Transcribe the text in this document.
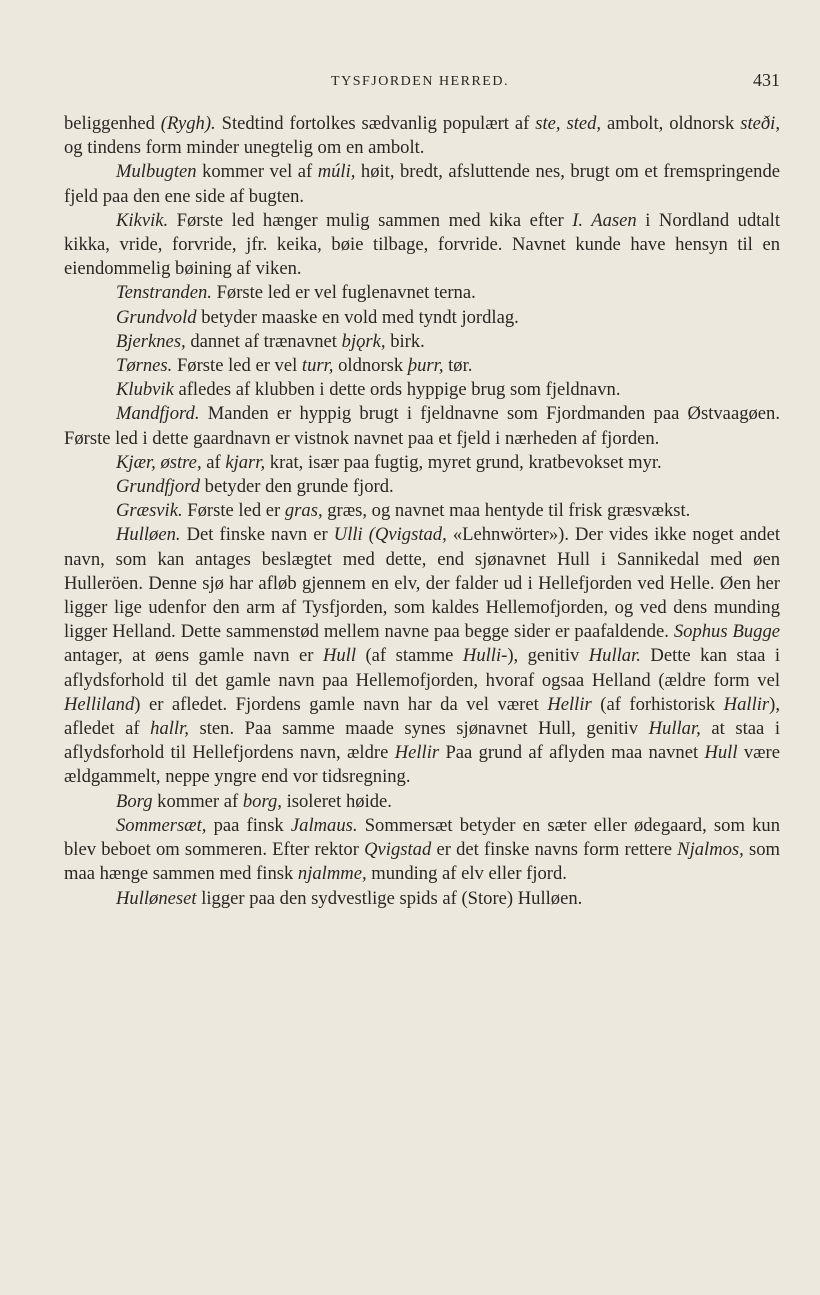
TYSFJORDEN HERRED.	431

beliggenhed (Rygh). Stedtind fortolkes sædvanlig populært af ste, sted, ambolt, oldnorsk steði, og tindens form minder unegtelig om en ambolt.

Mulbugten kommer vel af múli, høit, bredt, afsluttende nes, brugt om et fremspringende fjeld paa den ene side af bugten.

Kikvik. Første led hænger mulig sammen med kika efter I. Aasen i Nordland udtalt kikka, vride, forvride, jfr. keika, bøie tilbage, forvride. Navnet kunde have hensyn til en eiendommelig bøining af viken.

Tenstranden. Første led er vel fuglenavnet terna.

Grundvold betyder maaske en vold med tyndt jordlag.

Bjerknes, dannet af trænavnet bjǫrk, birk.

Tørnes. Første led er vel turr, oldnorsk þurr, tør.

Klubvik afledes af klubben i dette ords hyppige brug som fjeldnavn.

Mandfjord. Manden er hyppig brugt i fjeldnavne som Fjordmanden paa Østvaagøen. Første led i dette gaardnavn er vistnok navnet paa et fjeld i nærheden af fjorden.

Kjær, østre, af kjarr, krat, især paa fugtig, myret grund, kratbevokset myr.

Grundfjord betyder den grunde fjord.

Græsvik. Første led er gras, græs, og navnet maa hentyde til frisk græsvækst.

Hulløen. Det finske navn er Ulli (Qvigstad, «Lehnwörter»). Der vides ikke noget andet navn, som kan antages beslægtet med dette, end sjønavnet Hull i Sannikedal med øen Hulleröen. Denne sjø har afløb gjennem en elv, der falder ud i Hellefjorden ved Helle. Øen her ligger lige udenfor den arm af Tysfjorden, som kaldes Hellemofjorden, og ved dens munding ligger Helland. Dette sammenstød mellem navne paa begge sider er paafaldende. Sophus Bugge antager, at øens gamle navn er Hull (af stamme Hulli-), genitiv Hullar. Dette kan staa i aflydsforhold til det gamle navn paa Hellemofjorden, hvoraf ogsaa Helland (ældre form vel Helliland) er afledet. Fjordens gamle navn har da vel været Hellir (af forhistorisk Hallir), afledet af hallr, sten. Paa samme maade synes sjønavnet Hull, genitiv Hullar, at staa i aflydsforhold til Hellefjordens navn, ældre Hellir Paa grund af aflyden maa navnet Hull være ældgammelt, neppe yngre end vor tidsregning.

Borg kommer af borg, isoleret høide.

Sommersæt, paa finsk Jalmaus. Sommersæt betyder en sæter eller ødegaard, som kun blev beboet om sommeren. Efter rektor Qvigstad er det finske navns form rettere Njalmos, som maa hænge sammen med finsk njalmme, munding af elv eller fjord.

Hulløneset ligger paa den sydvestlige spids af (Store) Hulløen.
